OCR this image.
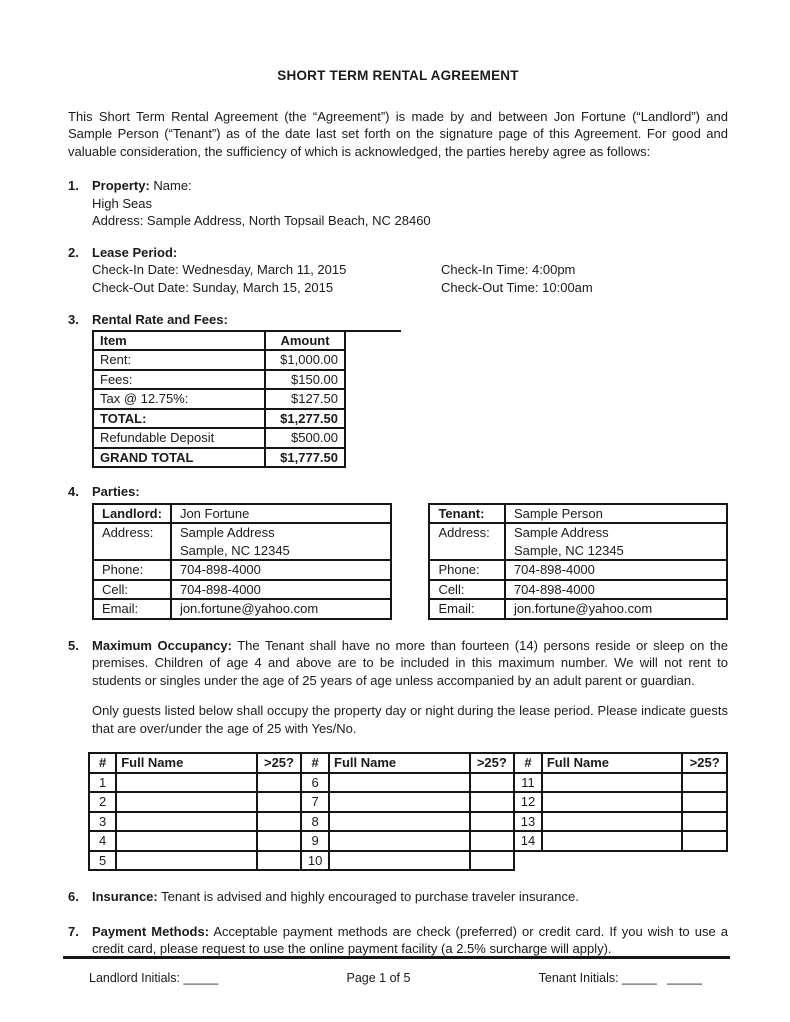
SHORT TERM RENTAL AGREEMENT

This Short Term Rental Agreement (the “Agreement”) is made by and between Jon Fortune (“Landlord”) and Sample Person (“Tenant”) as of the date last set forth on the signature page of this Agreement. For good and valuable consideration, the sufficiency of which is acknowledged, the parties hereby agree as follows:

1.	Property: Name:
High Seas
Address: Sample Address, North Topsail Beach, NC 28460
2.	Lease Period:
Check-In Date: Wednesday, March 11, 2015	Check-In Time: 4:00pm
Check-Out Date: Sunday, March 15, 2015	Check-Out Time: 10:00am
3.	Rental Rate and Fees:
Item	Amount
Rent:	$1,000.00
Fees:	$150.00
Tax @ 12.75%:	$127.50
TOTAL:	$1,277.50
Refundable Deposit	$500.00
GRAND TOTAL	$1,777.50
4.	Parties:
Landlord:	Jon Fortune
Address:	Sample Address
Sample, NC 12345

Phone:	704-898-4000
Cell:	704-898-4000
Email:	jon.fortune@yahoo.com
Tenant:	Sample Person
Address:	Sample Address
Sample, NC 12345

Phone:	704-898-4000
Cell:	704-898-4000
Email:	jon.fortune@yahoo.com
5.	Maximum Occupancy: The Tenant shall have no more than fourteen (14) persons reside or sleep on the premises. Children of age 4 and above are to be included in this maximum number. We will not rent to students or singles under the age of 25 years of age unless accompanied by an adult parent or guardian.

Only guests listed below shall occupy the property day or night during the lease period. Please indicate guests that are over/under the age of 25 with Yes/No.

#	Full Name	>25?	#	Full Name	>25?	#	Full Name	>25?
1			6			11		
2			7			12		
3			8			13		
4			9			14		
5			10					
6.	Insurance: Tenant is advised and highly encouraged to purchase traveler insurance.

7.	Payment Methods: Acceptable payment methods are check (preferred) or credit card. If you wish to use a credit card, please request to use the online payment facility (a 2.5% surcharge will apply).

Landlord Initials: _____	Page 1 of 5	Tenant Initials: _____   _____
